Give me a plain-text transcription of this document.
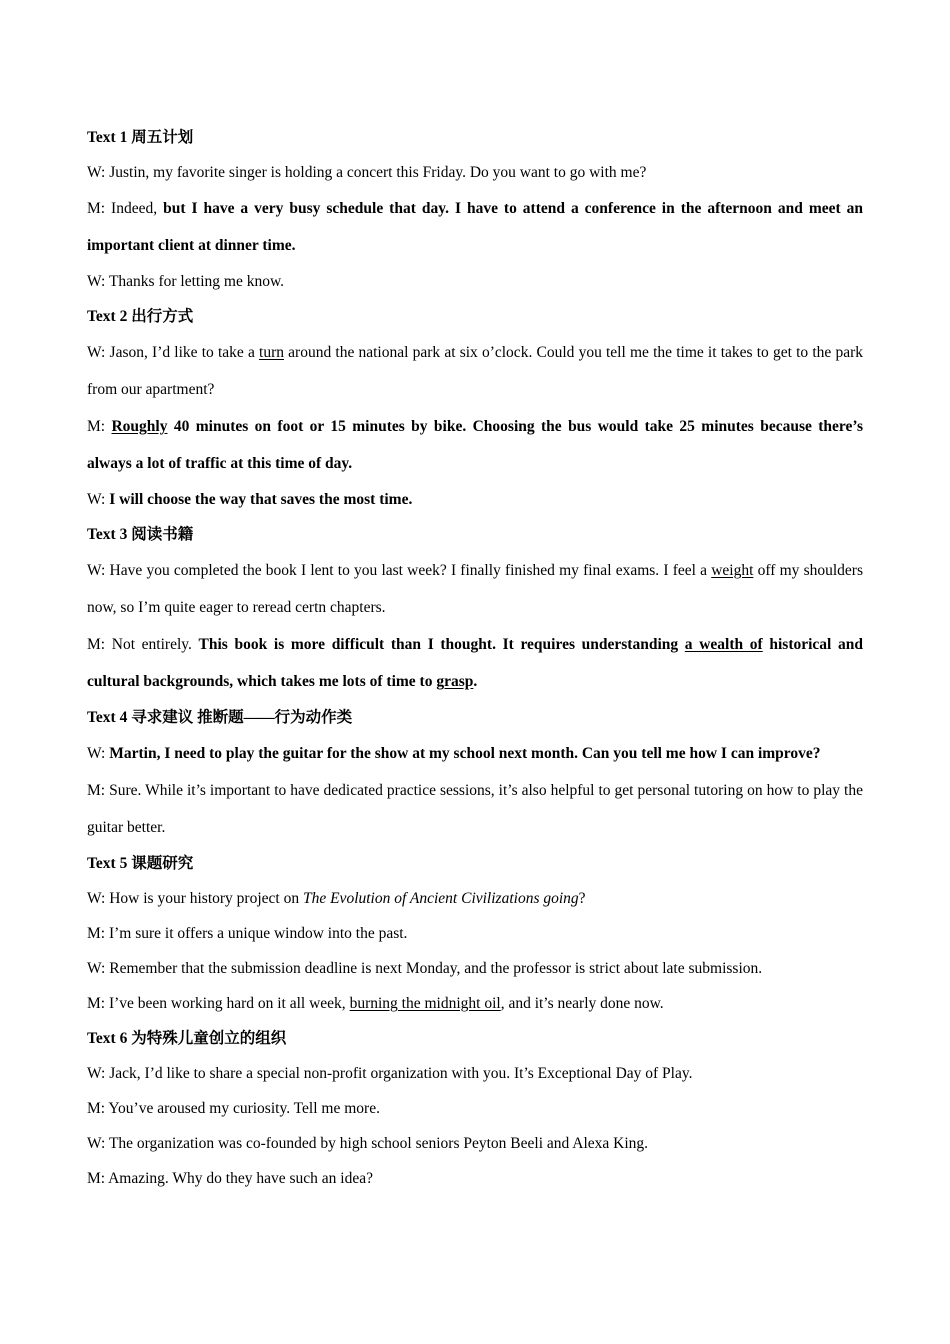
Text 1 周五计划

W: Justin, my favorite singer is holding a concert this Friday. Do you want to go with me?

M: Indeed, but I have a very busy schedule that day. I have to attend a conference in the afternoon and meet an important client at dinner time.

W: Thanks for letting me know.

Text 2 出行方式

W: Jason, I’d like to take a turn around the national park at six o’clock. Could you tell me the time it takes to get to the park from our apartment?

M: Roughly 40 minutes on foot or 15 minutes by bike. Choosing the bus would take 25 minutes because there’s always a lot of traffic at this time of day.

W: I will choose the way that saves the most time.

Text 3 阅读书籍

W: Have you completed the book I lent to you last week? I finally finished my final exams. I feel a weight off my shoulders now, so I’m quite eager to reread certn chapters.

M: Not entirely. This book is more difficult than I thought. It requires understanding a wealth of historical and cultural backgrounds, which takes me lots of time to grasp.

Text 4 寻求建议 推断题——行为动作类

W: Martin, I need to play the guitar for the show at my school next month. Can you tell me how I can improve?

M: Sure. While it’s important to have dedicated practice sessions, it’s also helpful to get personal tutoring on how to play the guitar better.

Text 5 课题研究

W: How is your history project on The Evolution of Ancient Civilizations going?

M: I’m sure it offers a unique window into the past.

W: Remember that the submission deadline is next Monday, and the professor is strict about late submission.

M: I’ve been working hard on it all week, burning the midnight oil, and it’s nearly done now.

Text 6 为特殊儿童创立的组织

W: Jack, I’d like to share a special non-profit organization with you. It’s Exceptional Day of Play.

M: You’ve aroused my curiosity. Tell me more.

W: The organization was co-founded by high school seniors Peyton Beeli and Alexa King.

M: Amazing. Why do they have such an idea?
